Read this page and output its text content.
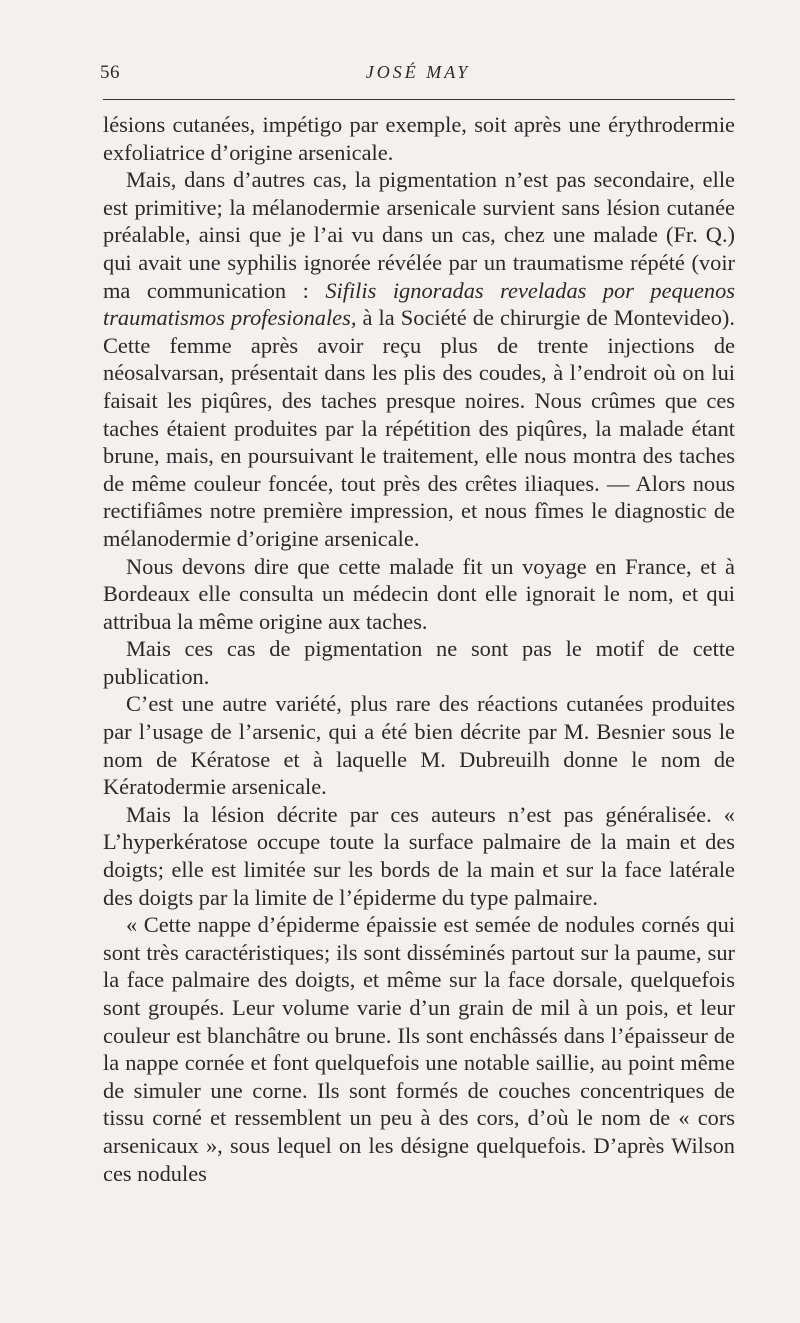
56	JOSÉ MAY

lésions cutanées, impétigo par exemple, soit après une érythrodermie exfoliatrice d’origine arsenicale.

Mais, dans d’autres cas, la pigmentation n’est pas secondaire, elle est primitive; la mélanodermie arsenicale survient sans lésion cutanée préalable, ainsi que je l’ai vu dans un cas, chez une malade (Fr. Q.) qui avait une syphilis ignorée révélée par un traumatisme répété (voir ma communication : Sifilis ignoradas reveladas por pequenos traumatismos profesionales, à la Société de chirurgie de Montevideo). Cette femme après avoir reçu plus de trente injections de néosalvarsan, présentait dans les plis des coudes, à l’endroit où on lui faisait les piqûres, des taches presque noires. Nous crûmes que ces taches étaient produites par la répétition des piqûres, la malade étant brune, mais, en poursuivant le traitement, elle nous montra des taches de même couleur foncée, tout près des crêtes iliaques. — Alors nous rectifiâmes notre première impression, et nous fîmes le diagnostic de mélanodermie d’origine arsenicale.

Nous devons dire que cette malade fit un voyage en France, et à Bordeaux elle consulta un médecin dont elle ignorait le nom, et qui attribua la même origine aux taches.

Mais ces cas de pigmentation ne sont pas le motif de cette publication.

C’est une autre variété, plus rare des réactions cutanées produites par l’usage de l’arsenic, qui a été bien décrite par M. Besnier sous le nom de Kératose et à laquelle M. Dubreuilh donne le nom de Kératodermie arsenicale.

Mais la lésion décrite par ces auteurs n’est pas généralisée. « L’hyperkératose occupe toute la surface palmaire de la main et des doigts; elle est limitée sur les bords de la main et sur la face latérale des doigts par la limite de l’épiderme du type palmaire.

« Cette nappe d’épiderme épaissie est semée de nodules cornés qui sont très caractéristiques; ils sont disséminés partout sur la paume, sur la face palmaire des doigts, et même sur la face dorsale, quelquefois sont groupés. Leur volume varie d’un grain de mil à un pois, et leur couleur est blanchâtre ou brune. Ils sont enchâssés dans l’épaisseur de la nappe cornée et font quelquefois une notable saillie, au point même de simuler une corne. Ils sont formés de couches concentriques de tissu corné et ressemblent un peu à des cors, d’où le nom de « cors arsenicaux », sous lequel on les désigne quelquefois. D’après Wilson ces nodules
